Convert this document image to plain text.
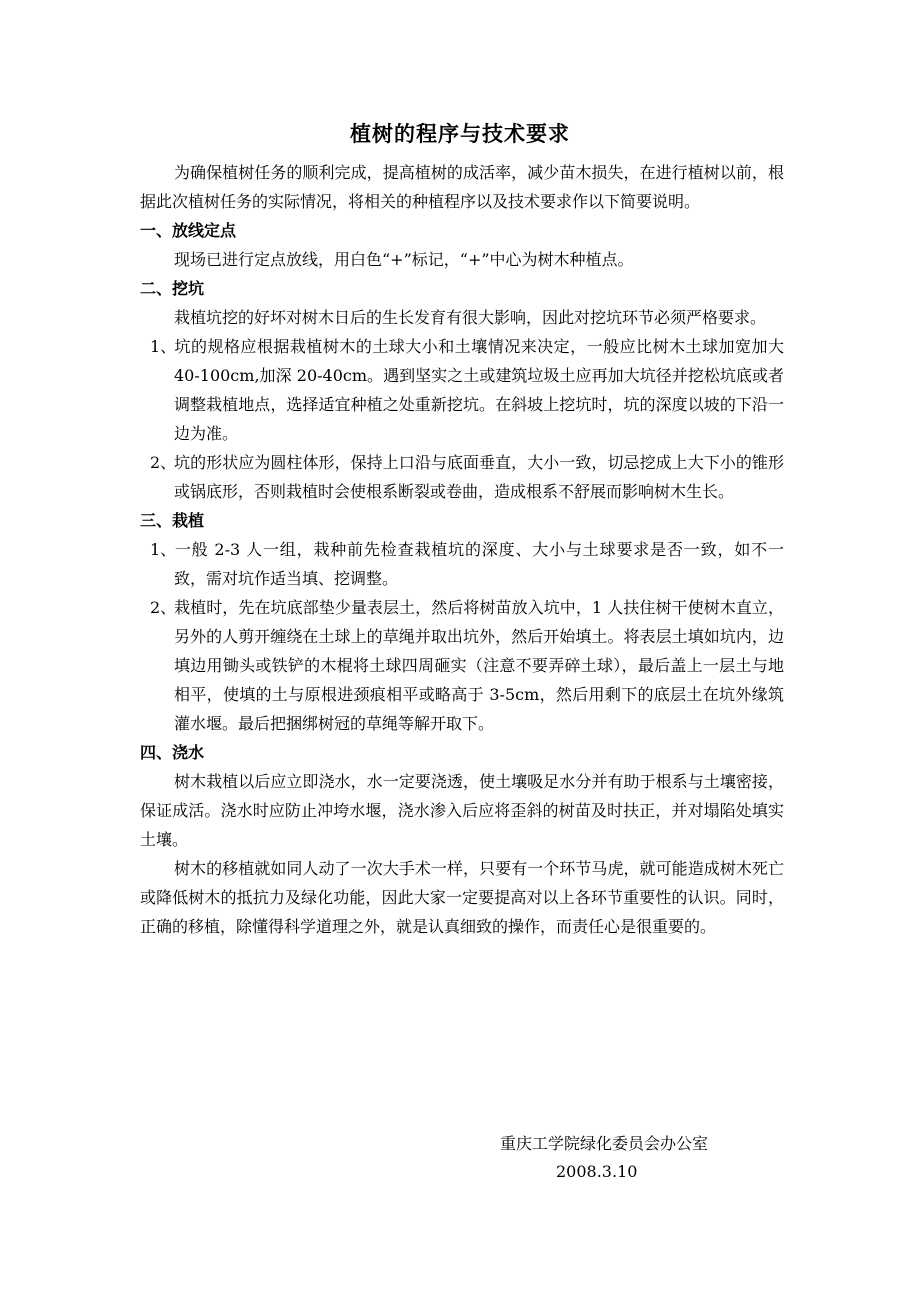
植树的程序与技术要求

为确保植树任务的顺利完成，提高植树的成活率，减少苗木损失，在进行植树以前，根据此次植树任务的实际情况，将相关的种植程序以及技术要求作以下简要说明。

一、放线定点

现场已进行定点放线，用白色“+”标记，“+”中心为树木种植点。

二、挖坑

栽植坑挖的好坏对树木日后的生长发育有很大影响，因此对挖坑环节必须严格要求。

1、坑的规格应根据栽植树木的土球大小和土壤情况来决定，一般应比树木土球加宽加大 40-100cm,加深 20-40cm。遇到坚实之土或建筑垃圾土应再加大坑径并挖松坑底或者调整栽植地点，选择适宜种植之处重新挖坑。在斜坡上挖坑时，坑的深度以坡的下沿一边为准。

2、坑的形状应为圆柱体形，保持上口沿与底面垂直，大小一致，切忌挖成上大下小的锥形或锅底形，否则栽植时会使根系断裂或卷曲，造成根系不舒展而影响树木生长。

三、栽植

1、一般 2-3 人一组，栽种前先检查栽植坑的深度、大小与土球要求是否一致，如不一致，需对坑作适当填、挖调整。

2、栽植时，先在坑底部垫少量表层土，然后将树苗放入坑中，1 人扶住树干使树木直立，另外的人剪开缠绕在土球上的草绳并取出坑外，然后开始填土。将表层土填如坑内，边填边用锄头或铁铲的木棍将土球四周砸实（注意不要弄碎土球），最后盖上一层土与地相平，使填的土与原根进颈痕相平或略高于 3-5cm，然后用剩下的底层土在坑外缘筑灌水堰。最后把捆绑树冠的草绳等解开取下。

四、浇水

树木栽植以后应立即浇水，水一定要浇透，使土壤吸足水分并有助于根系与土壤密接，保证成活。浇水时应防止冲垮水堰，浇水渗入后应将歪斜的树苗及时扶正，并对塌陷处填实土壤。

树木的移植就如同人动了一次大手术一样，只要有一个环节马虎，就可能造成树木死亡或降低树木的抵抗力及绿化功能，因此大家一定要提高对以上各环节重要性的认识。同时，正确的移植，除懂得科学道理之外，就是认真细致的操作，而责任心是很重要的。

重庆工学院绿化委员会办公室

2008.3.10
